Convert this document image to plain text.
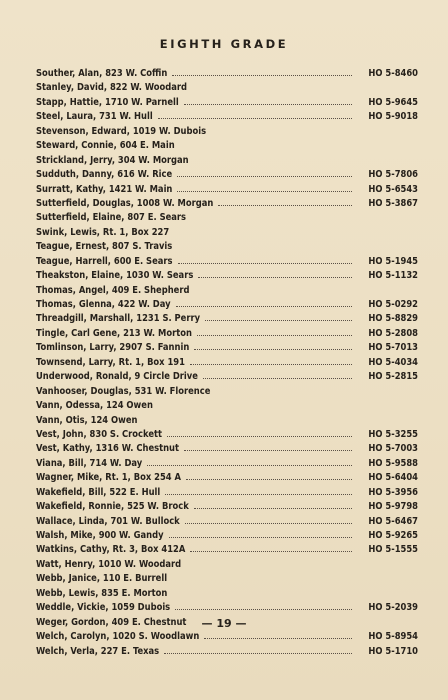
EIGHTH GRADE
Souther, Alan, 823 W. Coffin	HO 5-8460
Stanley, David, 822 W. Woodard
Stapp, Hattie, 1710 W. Parnell	HO 5-9645
Steel, Laura, 731 W. Hull	HO 5-9018
Stevenson, Edward, 1019 W. Dubois
Steward, Connie, 604 E. Main
Strickland, Jerry, 304 W. Morgan
Sudduth, Danny, 616 W. Rice	HO 5-7806
Surratt, Kathy, 1421 W. Main	HO 5-6543
Sutterfield, Douglas, 1008 W. Morgan	HO 5-3867
Sutterfield, Elaine, 807 E. Sears
Swink, Lewis, Rt. 1, Box 227
Teague, Ernest, 807 S. Travis
Teague, Harrell, 600 E. Sears	HO 5-1945
Theakston, Elaine, 1030 W. Sears	HO 5-1132
Thomas, Angel, 409 E. Shepherd
Thomas, Glenna, 422 W. Day	HO 5-0292
Threadgill, Marshall, 1231 S. Perry	HO 5-8829
Tingle, Carl Gene, 213 W. Morton	HO 5-2808
Tomlinson, Larry, 2907 S. Fannin	HO 5-7013
Townsend, Larry, Rt. 1, Box 191	HO 5-4034
Underwood, Ronald, 9 Circle Drive	HO 5-2815
Vanhooser, Douglas, 531 W. Florence
Vann, Odessa, 124 Owen
Vann, Otis, 124 Owen
Vest, John, 830 S. Crockett	HO 5-3255
Vest, Kathy, 1316 W. Chestnut	HO 5-7003
Viana, Bill, 714 W. Day	HO 5-9588
Wagner, Mike, Rt. 1, Box 254 A	HO 5-6404
Wakefield, Bill, 522 E. Hull	HO 5-3956
Wakefield, Ronnie, 525 W. Brock	HO 5-9798
Wallace, Linda, 701 W. Bullock	HO 5-6467
Walsh, Mike, 900 W. Gandy	HO 5-9265
Watkins, Cathy, Rt. 3, Box 412A	HO 5-1555
Watt, Henry, 1010 W. Woodard
Webb, Janice, 110 E. Burrell
Webb, Lewis, 835 E. Morton
Weddle, Vickie, 1059 Dubois	HO 5-2039
Weger, Gordon, 409 E. Chestnut
Welch, Carolyn, 1020 S. Woodlawn	HO 5-8954
Welch, Verla, 227 E. Texas	HO 5-1710
— 19 —
